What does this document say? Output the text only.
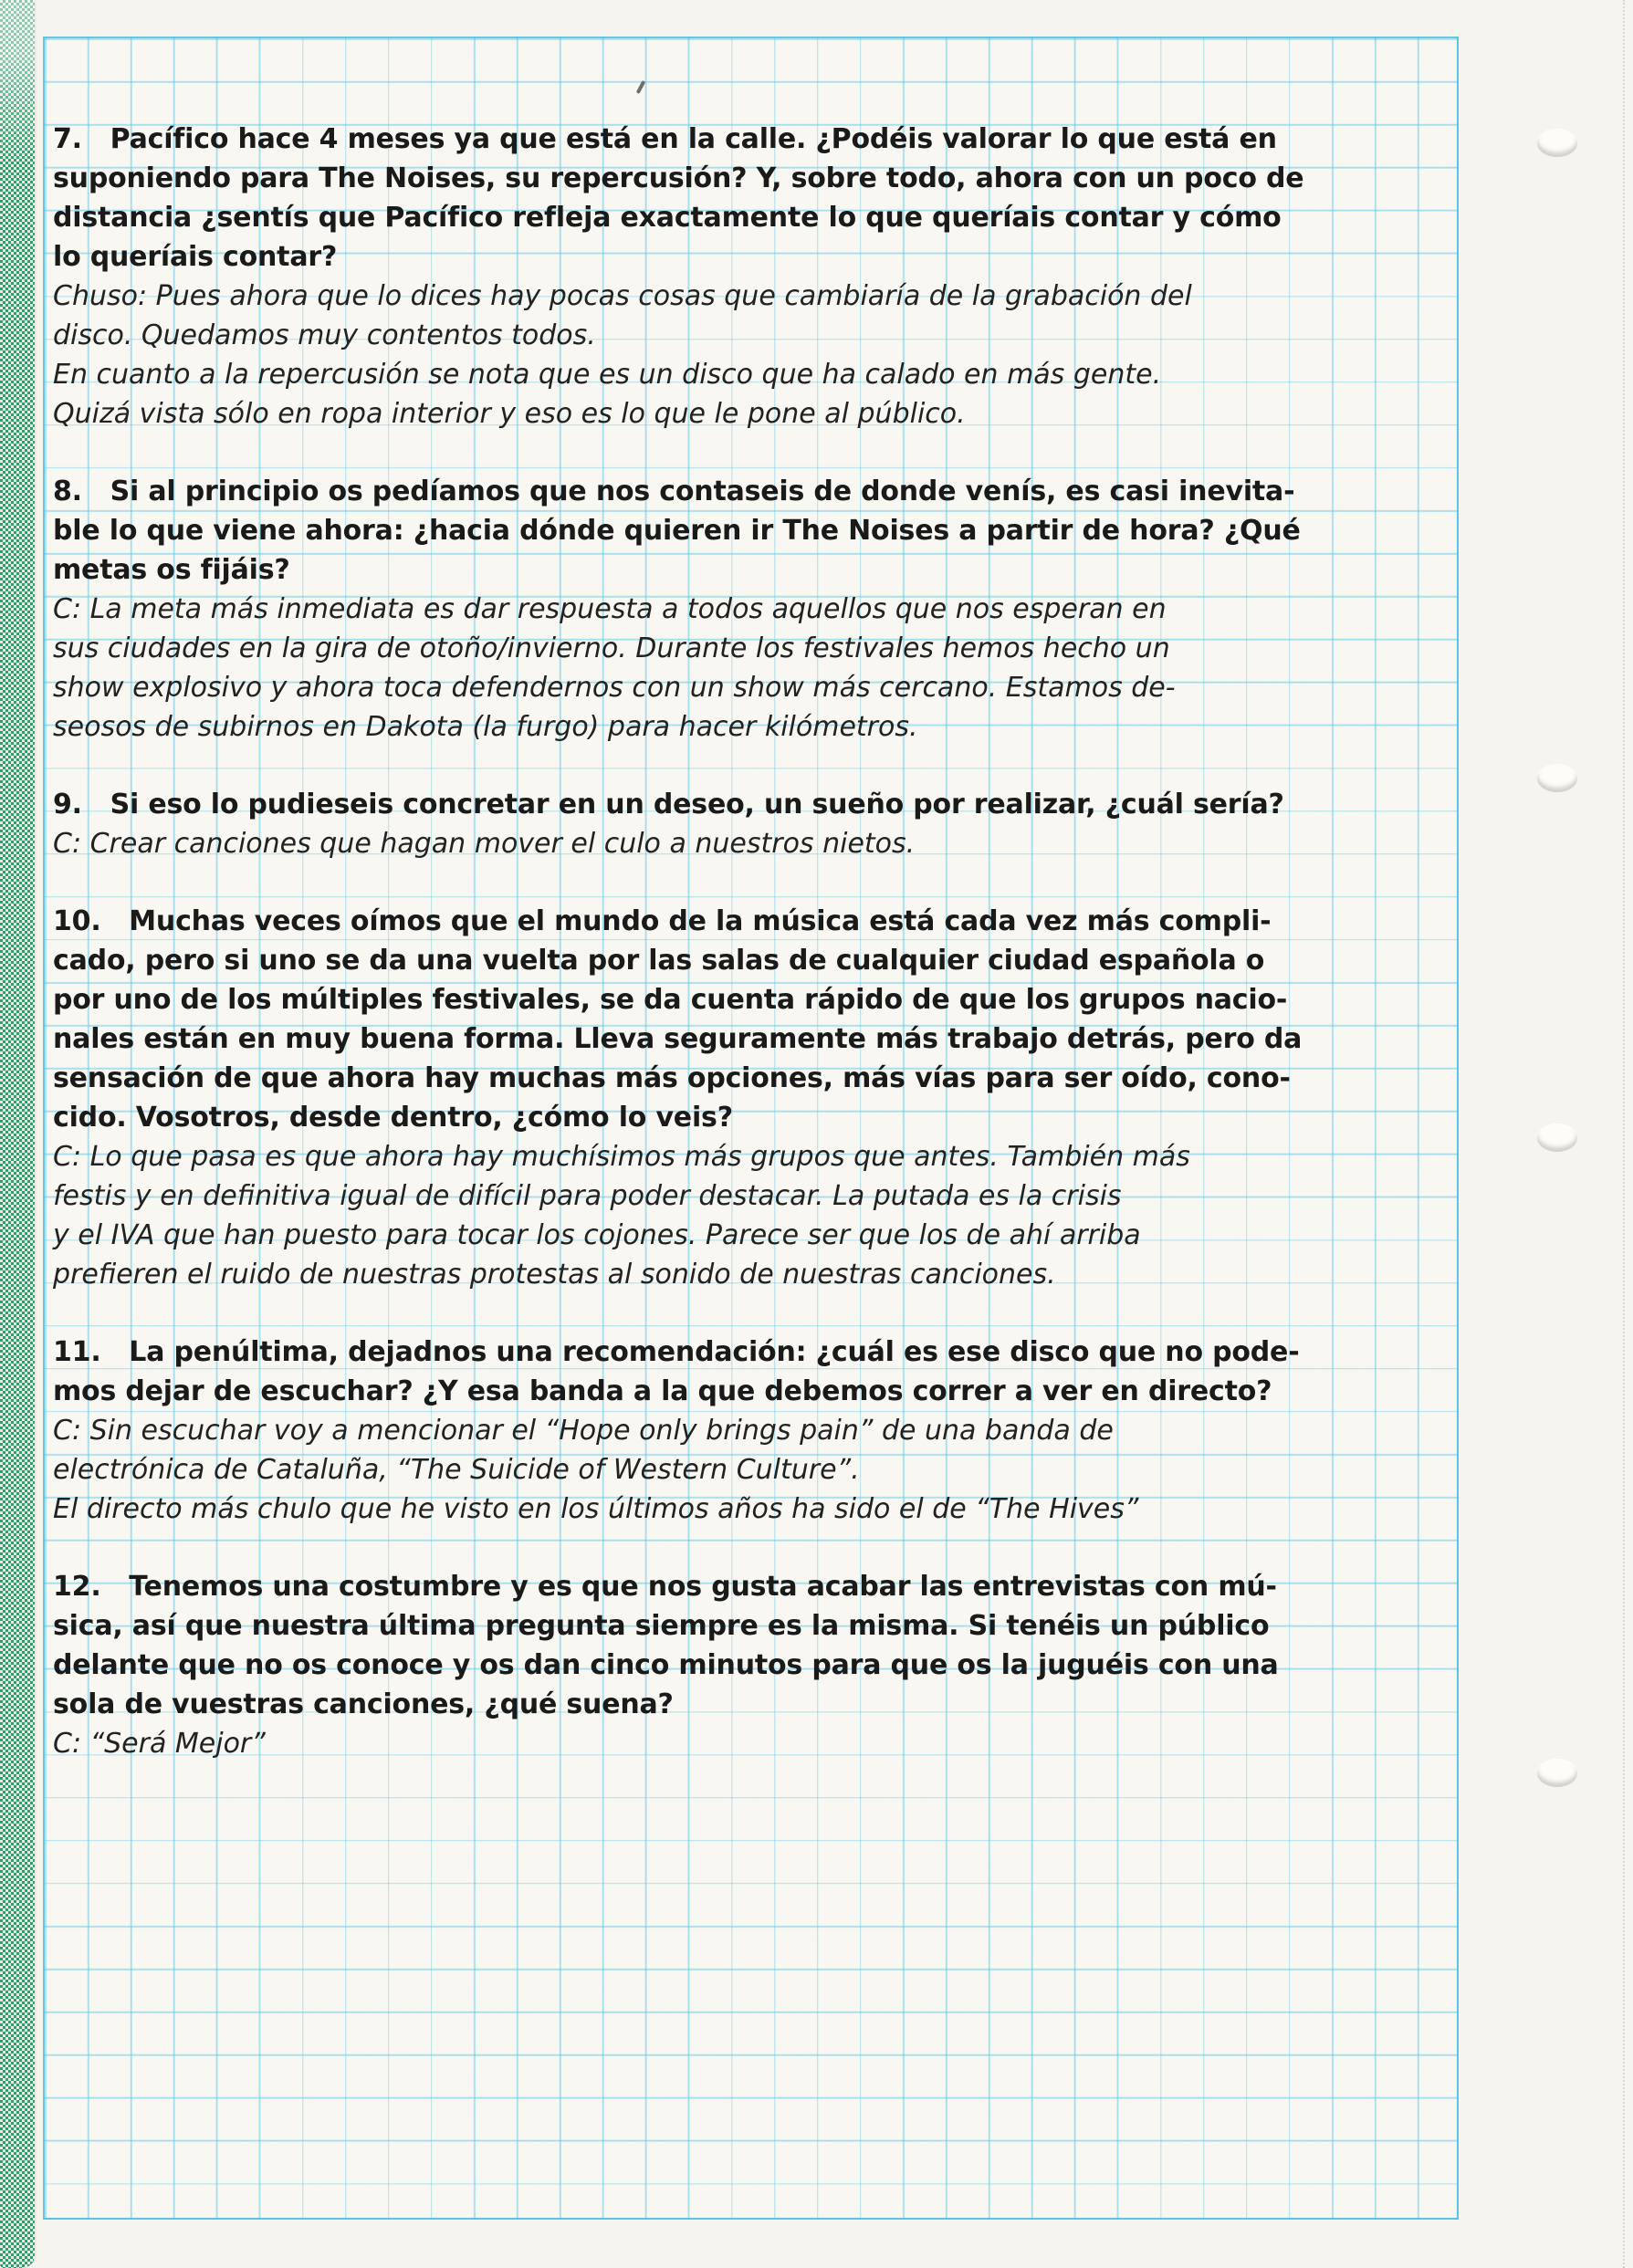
7.   Pacífico hace 4 meses ya que está en la calle. ¿Podéis valorar lo que está en
suponiendo para The Noises, su repercusión? Y, sobre todo, ahora con un poco de
distancia ¿sentís que Pacífico refleja exactamente lo que queríais contar y cómo
lo queríais contar?
Chuso: Pues ahora que lo dices hay pocas cosas que cambiaría de la grabación del
disco. Quedamos muy contentos todos.
En cuanto a la repercusión se nota que es un disco que ha calado en más gente.
Quizá vista sólo en ropa interior y eso es lo que le pone al público.
8.   Si al principio os pedíamos que nos contaseis de donde venís, es casi inevita-
ble lo que viene ahora: ¿hacia dónde quieren ir The Noises a partir de hora? ¿Qué
metas os fijáis?
C: La meta más inmediata es dar respuesta a todos aquellos que nos esperan en
sus ciudades en la gira de otoño/invierno. Durante los festivales hemos hecho un
show explosivo y ahora toca defendernos con un show más cercano. Estamos de-
seosos de subirnos en Dakota (la furgo) para hacer kilómetros.
9.   Si eso lo pudieseis concretar en un deseo, un sueño por realizar, ¿cuál sería?
C: Crear canciones que hagan mover el culo a nuestros nietos.
10.   Muchas veces oímos que el mundo de la música está cada vez más compli-
cado, pero si uno se da una vuelta por las salas de cualquier ciudad española o
por uno de los múltiples festivales, se da cuenta rápido de que los grupos nacio-
nales están en muy buena forma. Lleva seguramente más trabajo detrás, pero da
sensación de que ahora hay muchas más opciones, más vías para ser oído, cono-
cido. Vosotros, desde dentro, ¿cómo lo veis?
C: Lo que pasa es que ahora hay muchísimos más grupos que antes. También más
festis y en definitiva igual de difícil para poder destacar. La putada es la crisis
y el IVA que han puesto para tocar los cojones. Parece ser que los de ahí arriba
prefieren el ruido de nuestras protestas al sonido de nuestras canciones.
11.   La penúltima, dejadnos una recomendación: ¿cuál es ese disco que no pode-
mos dejar de escuchar? ¿Y esa banda a la que debemos correr a ver en directo?
C: Sin escuchar voy a mencionar el “Hope only brings pain” de una banda de
electrónica de Cataluña, “The Suicide of Western Culture”.
El directo más chulo que he visto en los últimos años ha sido el de “The Hives”
12.   Tenemos una costumbre y es que nos gusta acabar las entrevistas con mú-
sica, así que nuestra última pregunta siempre es la misma. Si tenéis un público
delante que no os conoce y os dan cinco minutos para que os la juguéis con una
sola de vuestras canciones, ¿qué suena?
C: “Será Mejor”
